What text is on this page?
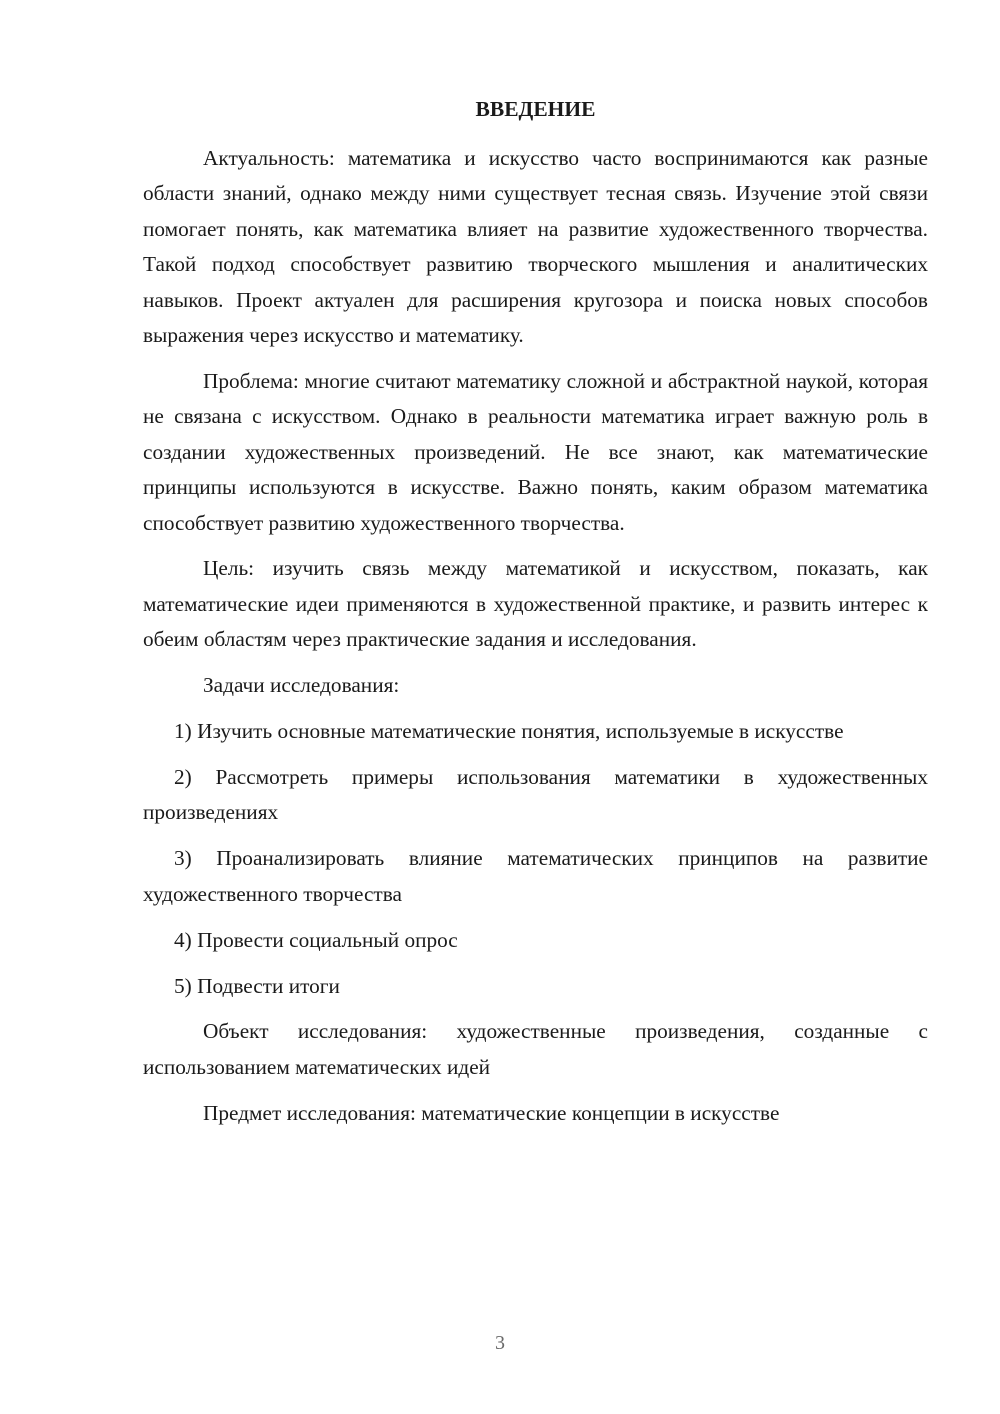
ВВЕДЕНИЕ

Актуальность: математика и искусство часто воспринимаются как разные области знаний, однако между ними существует тесная связь. Изучение этой связи помогает понять, как математика влияет на развитие художественного творчества. Такой подход способствует развитию творческого мышления и аналитических навыков. Проект актуален для расширения кругозора и поиска новых способов выражения через искусство и математику.

Проблема: многие считают математику сложной и абстрактной наукой, которая не связана с искусством. Однако в реальности математика играет важную роль в создании художественных произведений. Не все знают, как математические принципы используются в искусстве. Важно понять, каким образом математика способствует развитию художественного творчества.

Цель: изучить связь между математикой и искусством, показать, как математические идеи применяются в художественной практике, и развить интерес к обеим областям через практические задания и исследования.

Задачи исследования:

1) Изучить основные математические понятия, используемые в искусстве

2) Рассмотреть примеры использования математики в художественных произведениях

3) Проанализировать влияние математических принципов на развитие художественного творчества

4) Провести социальный опрос

5) Подвести итоги

Объект исследования: художественные произведения, созданные с использованием математических идей

Предмет исследования: математические концепции в искусстве

3
